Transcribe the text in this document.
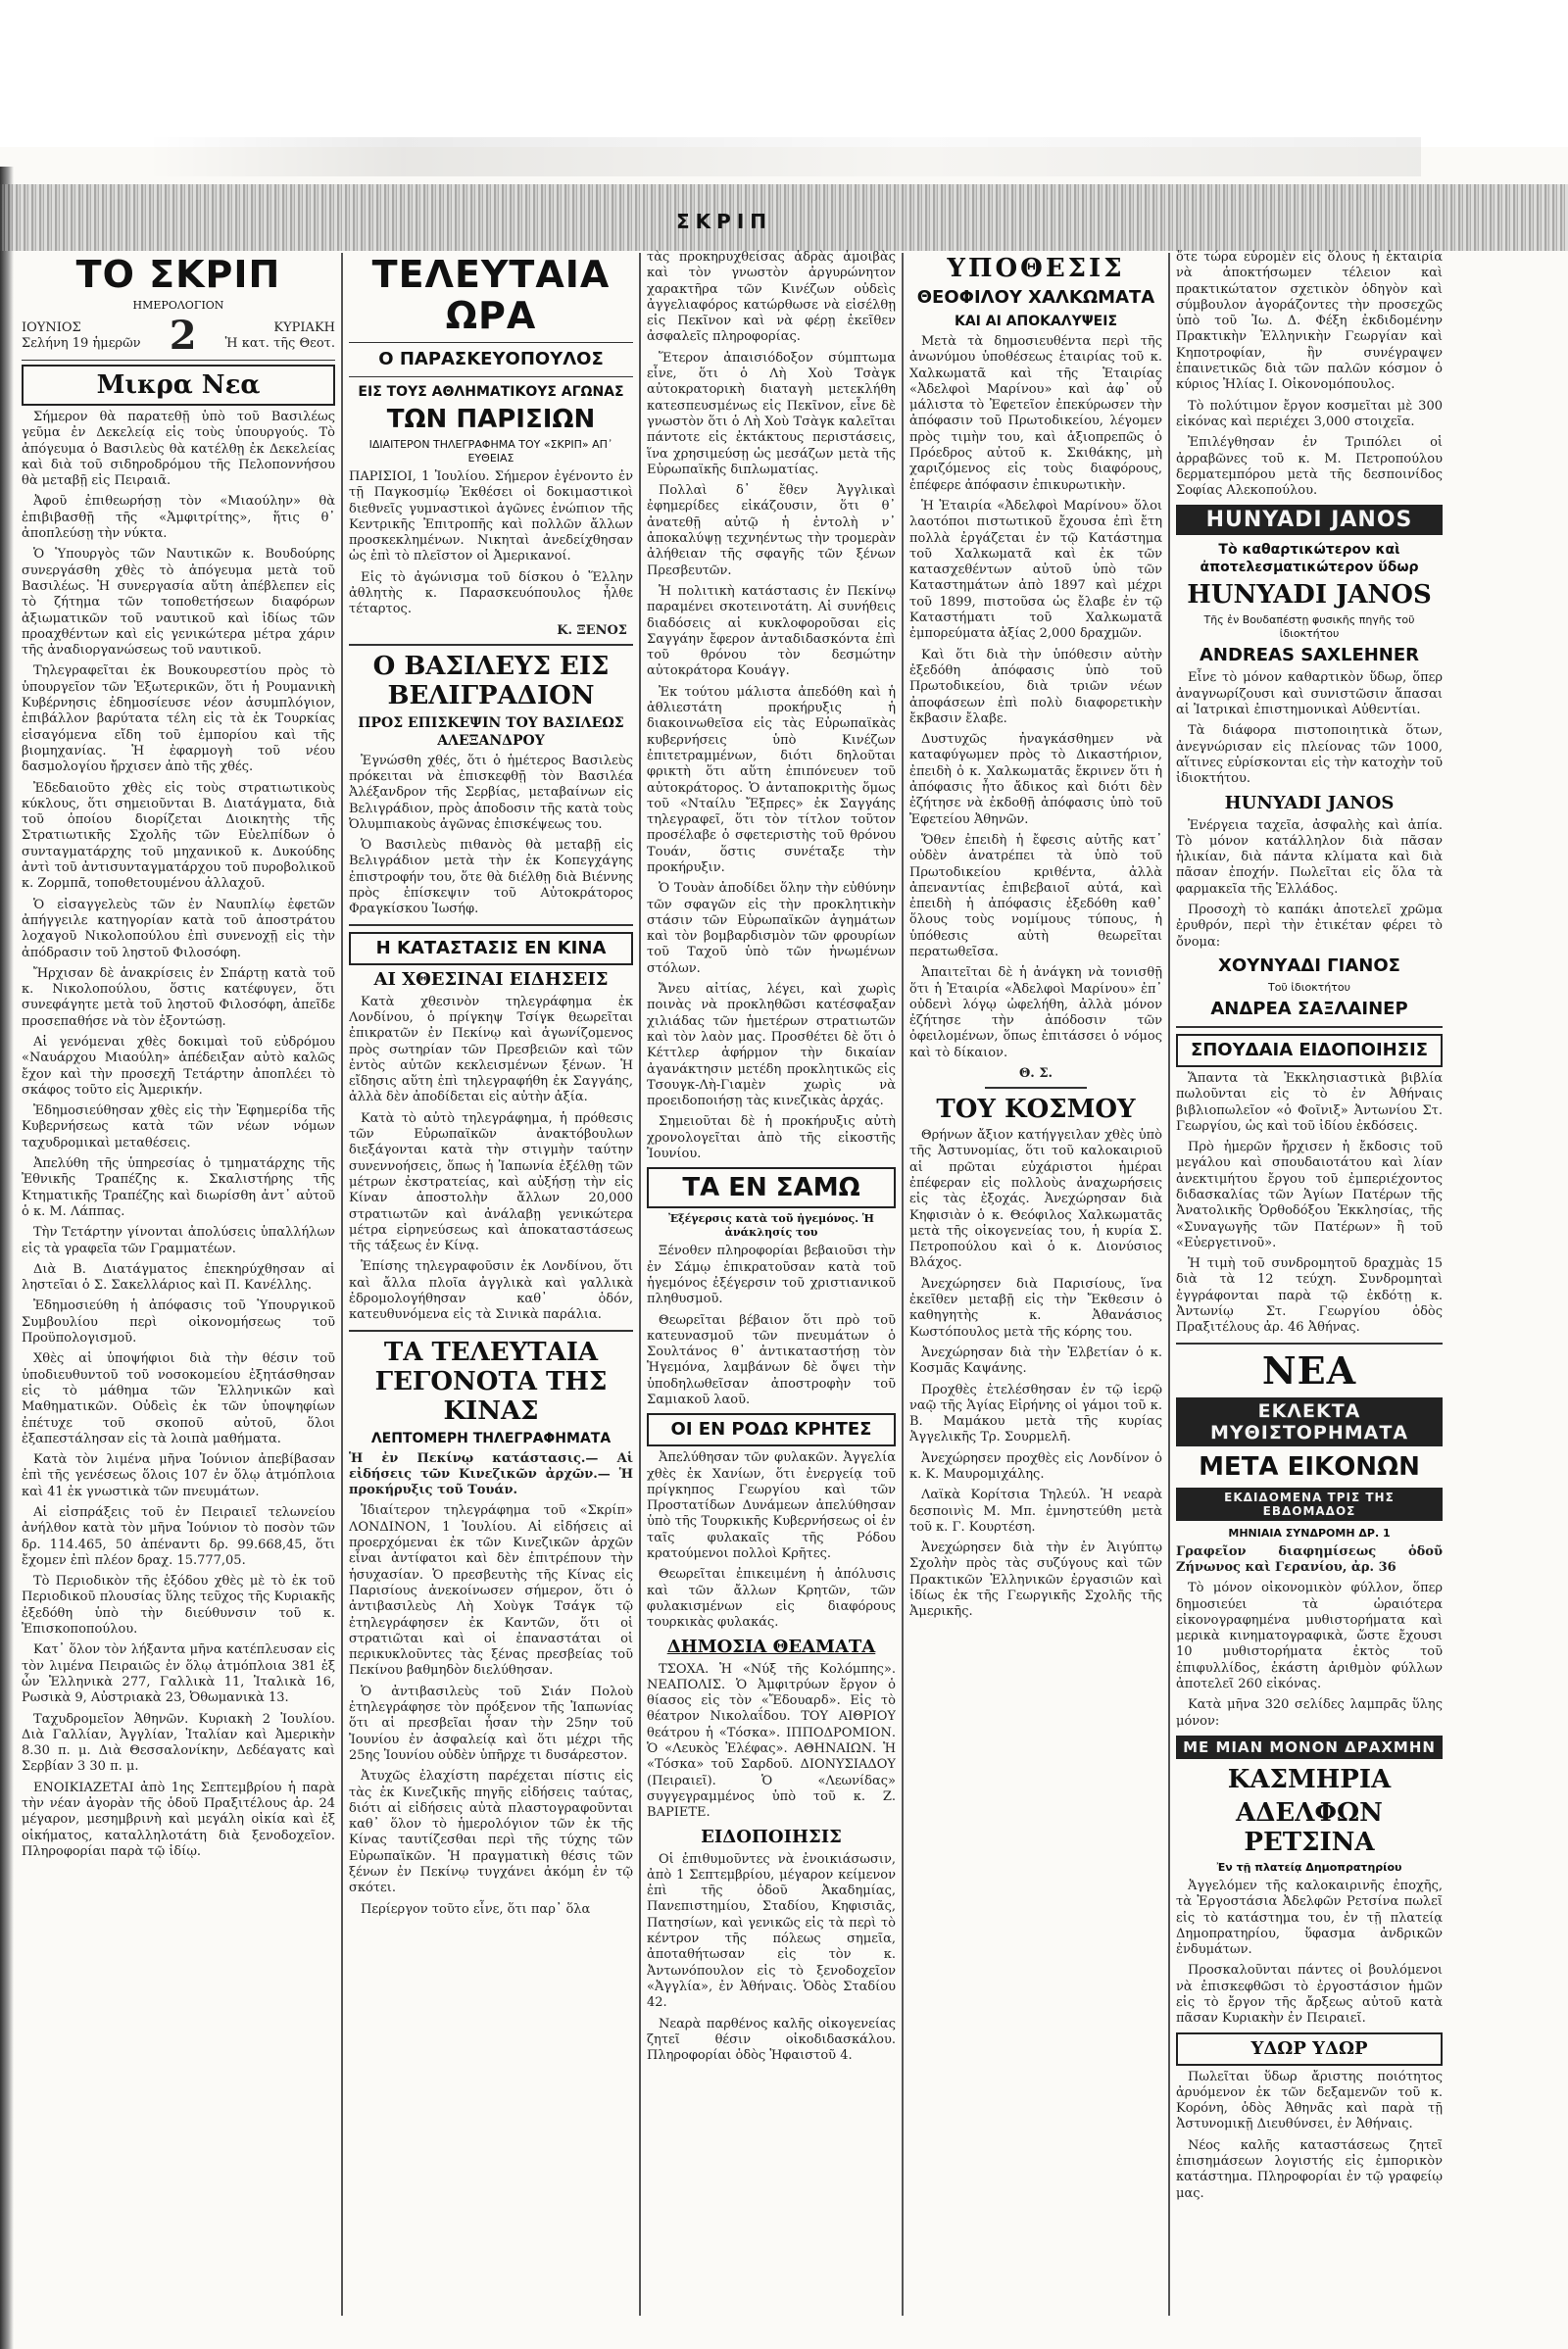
ΣΚΡΙΠ
ΤΟ ΣΚΡΙΠ
ΗΜΕΡΟΛΟΓΙΟΝ
ΙΟΥΝΙΟΣ
Σελήνη 19 ἡμερῶν 2	ΚΥΡΙΑΚΗ
Ἡ κατ. τῆς Θεοτ.
Μικρα Νεα

Σήμερον θὰ παρατεθῇ ὑπὸ τοῦ Βασιλέως γεῦμα ἐν Δεκελείᾳ εἰς τοὺς ὑπουργούς. Τὸ ἀπόγευμα ὁ Βασιλεὺς θὰ κατέλθῃ ἐκ Δεκελείας καὶ διὰ τοῦ σιδηροδρόμου τῆς Πελοποννήσου θὰ μεταβῇ εἰς Πειραιᾶ.

Ἀφοῦ ἐπιθεωρήσῃ τὸν «Μιαούλην» θὰ ἐπιβιβασθῇ τῆς «Ἀμφιτρίτης», ἥτις θ᾽ ἀποπλεύσῃ τὴν νύκτα.

Ὁ Ὑπουργὸς τῶν Ναυτικῶν κ. Βουδούρης συνεργάσθη χθὲς τὸ ἀπόγευμα μετὰ τοῦ Βασιλέως. Ἡ συνεργασία αὕτη ἀπέβλεπεν εἰς τὸ ζήτημα τῶν τοποθετήσεων διαφόρων ἀξιωματικῶν τοῦ ναυτικοῦ καὶ ἰδίως τῶν προαχθέντων καὶ εἰς γενικώτερα μέτρα χάριν τῆς ἀναδιοργανώσεως τοῦ ναυτικοῦ.

Τηλεγραφεῖται ἐκ Βουκουρεστίου πρὸς τὸ ὑπουργεῖον τῶν Ἐξωτερικῶν, ὅτι ἡ Ρουμανικὴ Κυβέρνησις ἐδημοσίευσε νέον ἀσυμπλόγιον, ἐπιβάλλον βαρύτατα τέλη εἰς τὰ ἐκ Τουρκίας εἰσαγόμενα εἴδη τοῦ ἐμπορίου καὶ τῆς βιομηχανίας. Ἡ ἐφαρμογὴ τοῦ νέου δασμολογίου ἤρχισεν ἀπὸ τῆς χθές.

Ἐδεδαιοῦτο χθὲς εἰς τοὺς στρατιωτικοὺς κύκλους, ὅτι σημειοῦνται Β. Διατάγματα, διὰ τοῦ ὁποίου διορίζεται Διοικητὴς τῆς Στρατιωτικῆς Σχολῆς τῶν Εὐελπίδων ὁ συνταγματάρχης τοῦ μηχανικοῦ κ. Δυκούδης ἀντὶ τοῦ ἀντισυνταγματάρχου τοῦ πυροβολικοῦ κ. Ζορμπᾶ, τοποθετουμένου ἀλλαχοῦ.

Ὁ εἰσαγγελεὺς τῶν ἐν Ναυπλίῳ ἐφετῶν ἀπήγγειλε κατηγορίαν κατὰ τοῦ ἀποστράτου λοχαγοῦ Νικολοπούλου ἐπὶ συνενοχῇ εἰς τὴν ἀπόδρασιν τοῦ ληστοῦ Φιλοσόφη.

Ἤρχισαν δὲ ἀνακρίσεις ἐν Σπάρτῃ κατὰ τοῦ κ. Νικολοπούλου, ὅστις κατέφυγεν, ὅτι συνεφάγητε μετὰ τοῦ ληστοῦ Φιλοσόφη, ἀπεῖδε προσεπαθήσε νὰ τὸν ἐξοντώσῃ.

Αἱ γενόμεναι χθὲς δοκιμαὶ τοῦ εὐδρόμου «Ναυάρχου Μιαούλη» ἀπέδειξαν αὐτὸ καλῶς ἔχον καὶ τὴν προσεχῆ Τετάρτην ἀποπλέει τὸ σκάφος τοῦτο εἰς Ἀμερικήν.

Ἐδημοσιεύθησαν χθὲς εἰς τὴν Ἐφημερίδα τῆς Κυβερνήσεως κατὰ τῶν νέων νόμων ταχυδρομικαὶ μεταθέσεις.

Ἀπελύθη τῆς ὑπηρεσίας ὁ τμηματάρχης τῆς Ἐθνικῆς Τραπέζης κ. Σκαλιστήρης τῆς Κτηματικῆς Τραπέζης καὶ διωρίσθη ἀντ᾽ αὐτοῦ ὁ κ. Μ. Λάππας.

Τὴν Τετάρτην γίνονται ἀπολύσεις ὑπαλλήλων εἰς τὰ γραφεῖα τῶν Γραμματέων.

Διὰ Β. Διατάγματος ἐπεκηρύχθησαν αἱ ληστεῖαι ὁ Σ. Σακελλάριος καὶ Π. Κανέλλης.

Ἐδημοσιεύθη ἡ ἀπόφασις τοῦ Ὑπουργικοῦ Συμβουλίου περὶ οἰκονομήσεως τοῦ Προϋπολογισμοῦ.

Χθὲς αἱ ὑποψήφιοι διὰ τὴν θέσιν τοῦ ὑποδιευθυντοῦ τοῦ νοσοκομείου ἐξητάσθησαν εἰς τὸ μάθημα τῶν Ἑλληνικῶν καὶ Μαθηματικῶν. Οὐδεὶς ἐκ τῶν ὑποψηφίων ἐπέτυχε τοῦ σκοποῦ αὐτοῦ, ὅλοι ἐξαπεστάλησαν εἰς τὰ λοιπὰ μαθήματα.

Κατὰ τὸν λιμένα μῆνα Ἰούνιον ἀπεβίβασαν ἐπὶ τῆς γενέσεως ὅλοις 107 ἐν ὅλῳ ἀτμόπλοια καὶ 41 ἐκ γνωστικὰ τῶν πνευμάτων.

Αἱ εἰσπράξεις τοῦ ἐν Πειραιεῖ τελωνείου ἀνήλθον κατὰ τὸν μῆνα Ἰούνιον τὸ ποσὸν τῶν δρ. 114.465, 50 ἀπέναντι δρ. 99.668,45, ὅτι ἔχομεν ἐπὶ πλέον δραχ. 15.777,05.

Τὸ Περιοδικὸν τῆς ἑξόδου χθὲς μὲ τὸ ἐκ τοῦ Περιοδικοῦ πλουσίας ὕλης τεῦχος τῆς Κυριακῆς ἐξεδόθη ὑπὸ τὴν διεύθυνσιν τοῦ κ. Ἐπισκοποπούλου.

Κατ᾽ ὅλον τὸν λήξαντα μῆνα κατέπλευσαν εἰς τὸν λιμένα Πειραιῶς ἐν ὅλῳ ἀτμόπλοια 381 ἐξ ὧν Ἑλληνικὰ 277, Γαλλικὰ 11, Ἰταλικὰ 16, Ρωσικὰ 9, Αὐστριακὰ 23, Ὀθωμανικὰ 13.

Ταχυδρομεῖον Ἀθηνῶν. Κυριακὴ 2 Ἰουλίου. Διὰ Γαλλίαν, Ἀγγλίαν, Ἰταλίαν καὶ Ἀμερικὴν 8.30 π. μ. Διὰ Θεσσαλονίκην, Δεδέαγατς καὶ Σερβίαν 3 30 π. μ.

ΕΝΟΙΚΙΑΖΕΤΑΙ ἀπὸ 1ης Σεπτεμβρίου ἡ παρὰ τὴν νέαν ἀγορὰν τῆς ὁδοῦ Πραξιτέλους ἀρ. 24 μέγαρον, μεσημβρινὴ καὶ μεγάλη οἰκία καὶ ἐξ οἰκήματος, καταλληλοτάτη διὰ ξενοδοχεῖον. Πληροφορίαι παρὰ τῷ ἰδίῳ.

ΤΕΛΕΥΤΑΙΑ ΩΡΑ
Ο ΠΑΡΑΣΚΕΥΟΠΟΥΛΟΣ
ΕΙΣ ΤΟΥΣ ΑΘΛΗΜΑΤΙΚΟΥΣ ΑΓΩΝΑΣ
ΤΩΝ ΠΑΡΙΣΙΩΝ
ΙΔΙΑΙΤΕΡΟΝ ΤΗΛΕΓΡΑΦΗΜΑ ΤΟΥ «ΣΚΡΙΠ» ΑΠ᾽ ΕΥΘΕΙΑΣ

ΠΑΡΙΣΙΟΙ, 1 Ἰουλίου. Σήμερον ἐγένοντο ἐν τῇ Παγκοσμίῳ Ἐκθέσει οἱ δοκιμαστικοὶ διεθνεῖς γυμναστικοὶ ἀγῶνες ἐνώπιον τῆς Κεντρικῆς Ἐπιτροπῆς καὶ πολλῶν ἄλλων προσκεκλημένων. Νικηταὶ ἀνεδείχθησαν ὡς ἐπὶ τὸ πλεῖστον οἱ Ἀμερικανοί.

Εἰς τὸ ἀγώνισμα τοῦ δίσκου ὁ Ἕλλην ἀθλητὴς κ. Παρασκευόπουλος ἦλθε τέταρτος.

Κ. ΞΕΝΟΣ
Ο ΒΑΣΙΛΕΥΣ ΕΙΣ ΒΕΛΙΓΡΑΔΙΟΝ
ΠΡΟΣ ΕΠΙΣΚΕΨΙΝ ΤΟΥ ΒΑΣΙΛΕΩΣ ΑΛΕΞΑΝΔΡΟΥ

Ἐγνώσθη χθές, ὅτι ὁ ἡμέτερος Βασιλεὺς πρόκειται νὰ ἐπισκεφθῇ τὸν Βασιλέα Ἀλέξανδρον τῆς Σερβίας, μεταβαίνων εἰς Βελιγράδιον, πρὸς ἀποδοσιν τῆς κατὰ τοὺς Ὀλυμπιακοὺς ἀγῶνας ἐπισκέψεως του.

Ὁ Βασιλεὺς πιθανὸς θὰ μεταβῇ εἰς Βελιγράδιον μετὰ τὴν ἐκ Κοπεγχάγης ἐπιστροφήν του, ὅτε θὰ διέλθῃ διὰ Βιέννης πρὸς ἐπίσκεψιν τοῦ Αὐτοκράτορος Φραγκίσκου Ἰωσήφ.

Η ΚΑΤΑΣΤΑΣΙΣ ΕΝ ΚΙΝΑ
ΑΙ ΧΘΕΣΙΝΑΙ ΕΙΔΗΣΕΙΣ

Κατὰ χθεσινὸν τηλεγράφημα ἐκ Λονδίνου, ὁ πρίγκηψ Τσίγκ θεωρεῖται ἐπικρατῶν ἐν Πεκίνῳ καὶ ἀγωνίζομενος πρὸς σωτηρίαν τῶν Πρεσβειῶν καὶ τῶν ἐντὸς αὐτῶν κεκλεισμένων ξένων. Ἡ εἴδησις αὕτη ἐπὶ τηλεγραφήθη ἐκ Σαγγάης, ἀλλὰ δὲν ἀποδίδεται εἰς αὐτὴν ἀξία.

Κατὰ τὸ αὐτὸ τηλεγράφημα, ἡ πρόθεσις τῶν Εὐρωπαϊκῶν ἀνακτόβουλων διεξάγονται κατὰ τὴν στιγμὴν ταύτην συνεννοήσεις, ὅπως ἡ Ἰαπωνία ἐξέλθῃ τῶν μέτρων ἐκστρατείας, καὶ αὐξήσῃ τὴν εἰς Κίναν ἀποστολὴν ἄλλων 20,000 στρατιωτῶν καὶ ἀνάλαβῃ γενικώτερα μέτρα εἰρηνεύσεως καὶ ἀποκαταστάσεως τῆς τάξεως ἐν Κίνᾳ.

Ἐπίσης τηλεγραφοῦσιν ἐκ Λονδίνου, ὅτι καὶ ἄλλα πλοῖα ἀγγλικὰ καὶ γαλλικὰ ἐδρομολογήθησαν καθ᾽ ὁδόν, κατευθυνόμενα εἰς τὰ Σινικὰ παράλια.

ΤΑ ΤΕΛΕΥΤΑΙΑ ΓΕΓΟΝΟΤΑ ΤΗΣ ΚΙΝΑΣ
ΛΕΠΤΟΜΕΡΗ ΤΗΛΕΓΡΑΦΗΜΑΤΑ

Ἡ ἐν Πεκίνῳ κατάστασις.— Αἱ εἰδήσεις τῶν Κινεζικῶν ἀρχῶν.— Ἡ προκήρυξις τοῦ Τουάν.

Ἰδιαίτερον τηλεγράφημα τοῦ «Σκρίπ» ΛΟΝΔΙΝΟΝ, 1 Ἰουλίου. Αἱ εἰδήσεις αἱ προερχόμεναι ἐκ τῶν Κινεζικῶν ἀρχῶν εἶναι ἀντίφατοι καὶ δὲν ἐπιτρέπουν τὴν ἡσυχασίαν. Ὁ πρεσβευτὴς τῆς Κίνας εἰς Παρισίους ἀνεκοίνωσεν σήμερον, ὅτι ὁ ἀντιβασιλεὺς Λὴ Χοὺγκ Τσάγκ τῷ ἐτηλεγράφησεν ἐκ Καντῶν, ὅτι οἱ στρατιῶται καὶ οἱ ἐπαναστάται οἱ περικυκλοῦντες τὰς ξένας πρεσβείας τοῦ Πεκίνου βαθμηδὸν διελύθησαν.

Ὁ ἀντιβασιλεὺς τοῦ Σιάν Πολοὺ ἐτηλεγράφησε τὸν πρόξενον τῆς Ἰαπωνίας ὅτι αἱ πρεσβεῖαι ἦσαν τὴν 25ην τοῦ Ἰουνίου ἐν ἀσφαλείᾳ καὶ ὅτι μέχρι τῆς 25ης Ἰουνίου οὐδὲν ὑπῆρχε τι δυσάρεστον.

Ἀτυχῶς ἐλαχίστη παρέχεται πίστις εἰς τὰς ἐκ Κινεζικῆς πηγῆς εἰδήσεις ταύτας, διότι αἱ εἰδήσεις αὐτὰ πλαστογραφοῦνται καθ᾽ ὅλον τὸ ἡμερολόγιον τῶν ἐκ τῆς Κίνας ταυτίζεσθαι περὶ τῆς τύχης τῶν Εὐρωπαϊκῶν. Ἡ πραγματικὴ θέσις τῶν ξένων ἐν Πεκίνῳ τυγχάνει ἀκόμη ἐν τῷ σκότει.

Περίεργον τοῦτο εἶνε, ὅτι παρ᾽ ὅλα

τὰς προκηρυχθείσας ἀδρὰς ἀμοιβὰς καὶ τὸν γνωστὸν ἀργυρώνητον χαρακτῆρα τῶν Κινέζων οὐδεὶς ἀγγελιαφόρος κατώρθωσε νὰ εἰσέλθῃ εἰς Πεκῖνον καὶ νὰ φέρῃ ἐκεῖθεν ἀσφαλεῖς πληροφορίας.

Ἕτερον ἀπαισιόδοξον σύμπτωμα εἶνε, ὅτι ὁ Λὴ Χοὺ Τσὰγκ αὐτοκρατορικὴ διαταγὴ μετεκλήθη κατεσπευσμένως εἰς Πεκῖνον, εἶνε δὲ γνωστὸν ὅτι ὁ Λὴ Χοὺ Τσὰγκ καλεῖται πάντοτε εἰς ἐκτάκτους περιστάσεις, ἵνα χρησιμεύσῃ ὡς μεσάζων μετὰ τῆς Εὐρωπαϊκῆς διπλωματίας.

Πολλαὶ δ᾽ ἔθεν Ἀγγλικαὶ ἐφημερίδες εἰκάζουσιν, ὅτι θ᾽ ἀνατεθῇ αὐτῷ ἡ ἐντολὴ ν᾽ ἀποκαλύψῃ τεχνηέντως τὴν τρομερὰν ἀλήθειαν τῆς σφαγῆς τῶν ξένων Πρεσβευτῶν.

Ἡ πολιτικὴ κατάστασις ἐν Πεκίνῳ παραμένει σκοτεινοτάτη. Αἱ συνήθεις διαδόσεις αἱ κυκλοφοροῦσαι εἰς Σαγγάην ἔφερον ἀνταδιδασκόντα ἐπὶ τοῦ θρόνου τὸν δεσμώτην αὐτοκράτορα Κουάγγ.

Ἐκ τούτου μάλιστα ἀπεδόθη καὶ ἡ ἀθλιεστάτη προκήρυξις ἡ διακοινωθεῖσα εἰς τὰς Εὐρωπαϊκὰς κυβερνήσεις ὑπὸ Κινέζων ἐπιτετραμμένων, διότι δηλοῦται φρικτὴ ὅτι αὕτη ἐπιπόνευεν τοῦ αὐτοκράτορος. Ὁ ἀνταποκριτὴς ὅμως τοῦ «Νταίλυ Ἔξπρες» ἐκ Σαγγάης τηλεγραφεῖ, ὅτι τὸν τίτλον τοῦτον προσέλαβε ὁ σφετεριστὴς τοῦ θρόνου Τουάν, ὅστις συνέταξε τὴν προκήρυξιν.

Ὁ Τουὰν ἀποδίδει ὅλην τὴν εὐθύνην τῶν σφαγῶν εἰς τὴν προκλητικὴν στάσιν τῶν Εὐρωπαϊκῶν ἀγημάτων καὶ τὸν βομβαρδισμὸν τῶν φρουρίων τοῦ Ταχοῦ ὑπὸ τῶν ἡνωμένων στόλων.

Ἄνευ αἰτίας, λέγει, καὶ χωρὶς ποινὰς νὰ προκληθῶσι κατέσφαξαν χιλιάδας τῶν ἡμετέρων στρατιωτῶν καὶ τὸν λαὸν μας. Προσθέτει δὲ ὅτι ὁ Κέττλερ ἀφήρμον τὴν δικαίαν ἀγανάκτησιν μετέδη προκλητικῶς εἰς Τσουγκ-Λὴ-Γιαμὲν χωρὶς νὰ προειδοποιήσῃ τὰς κινεζικὰς ἀρχάς.

Σημειοῦται δὲ ἡ προκήρυξις αὐτὴ χρονολογεῖται ἀπὸ τῆς εἰκοστῆς Ἰουνίου.

ΤΑ ΕΝ ΣΑΜΩ
Ἐξέγερσις κατὰ τοῦ ἡγεμόνος. Ἡ ἀνάκλησίς του

Ξένοθεν πληροφορίαι βεβαιοῦσι τὴν ἐν Σάμῳ ἐπικρατοῦσαν κατὰ τοῦ ἡγεμόνος ἐξέγερσιν τοῦ χριστιανικοῦ πληθυσμοῦ.

Θεωρεῖται βέβαιον ὅτι πρὸ τοῦ κατευνασμοῦ τῶν πνευμάτων ὁ Σουλτάνος θ᾽ ἀντικαταστήσῃ τὸν Ἡγεμόνα, λαμβάνων δὲ ὄψει τὴν ὑποδηλωθεῖσαν ἀποστροφὴν τοῦ Σαμιακοῦ λαοῦ.

ΟΙ ΕΝ ΡΟΔΩ ΚΡΗΤΕΣ

Ἀπελύθησαν τῶν φυλακῶν. Ἀγγελία χθὲς ἐκ Χανίων, ὅτι ἐνεργείᾳ τοῦ πρίγκηπος Γεωργίου καὶ τῶν Προστατίδων Δυνάμεων ἀπελύθησαν ὑπὸ τῆς Τουρκικῆς Κυβερνήσεως οἱ ἐν ταῖς φυλακαῖς τῆς Ρόδου κρατούμενοι πολλοὶ Κρῆτες.

Θεωρεῖται ἐπικειμένη ἡ ἀπόλυσις καὶ τῶν ἄλλων Κρητῶν, τῶν φυλακισμένων εἰς διαφόρους τουρκικὰς φυλακάς.

ΔΗΜΟΣΙΑ ΘΕΑΜΑΤΑ

ΤΣΟΧΑ. Ἡ «Νύξ τῆς Κολόμπης». ΝΕΑΠΟΛΙΣ. Ὁ Ἀμφιτρύων ἔργον ὁ θίασος εἰς τὸν «Ἔδουαρδ». Εἰς τὸ θέατρον Νικολαΐδου. ΤΟΥ ΑΙΘΡΙΟΥ θεάτρου ἡ «Τόσκα». ΙΠΠΟΔΡΟΜΙΟΝ. Ὁ «Λευκὸς Ἐλέφας». ΑΘΗΝΑΙΩΝ. Ἡ «Τόσκα» τοῦ Σαρδοῦ. ΔΙΟΝΥΣΙΑΔΟΥ (Πειραιεῖ). Ὁ «Λεωνίδας» συγγεγραμμένος ὑπὸ τοῦ κ. Ζ. ΒΑΡΙΕΤΕ.

ΕΙΔΟΠΟΙΗΣΙΣ

Οἱ ἐπιθυμοῦντες νὰ ἐνοικιάσωσιν, ἀπὸ 1 Σεπτεμβρίου, μέγαρον κείμενον ἐπὶ τῆς ὁδοῦ Ἀκαδημίας, Πανεπιστημίου, Σταδίου, Κηφισιᾶς, Πατησίων, καὶ γενικῶς εἰς τὰ περὶ τὸ κέντρον τῆς πόλεως σημεῖα, ἀποταθήτωσαν εἰς τὸν κ. Ἀντωνόπουλον εἰς τὸ ξενοδοχεῖον «Ἀγγλία», ἐν Ἀθήναις. Ὁδὸς Σταδίου 42.

Νεαρὰ παρθένος καλῆς οἰκογενείας ζητεῖ θέσιν οἰκοδιδασκάλου. Πληροφορίαι ὁδὸς Ἡφαιστοῦ 4.

ΥΠΟΘΕΣΙΣ
ΘΕΟΦΙΛΟΥ ΧΑΛΚΩΜΑΤΑ
ΚΑΙ ΑΙ ΑΠΟΚΑΛΥΨΕΙΣ

Μετὰ τὰ δημοσιευθέντα περὶ τῆς ἀνωνύμου ὑποθέσεως ἑταιρίας τοῦ κ. Χαλκωματᾶ καὶ τῆς Ἑταιρίας «Ἀδελφοὶ Μαρίνου» καὶ ἀφ᾽ οὗ μάλιστα τὸ Ἐφετεῖον ἐπεκύρωσεν τὴν ἀπόφασιν τοῦ Πρωτοδικείου, λέγομεν πρὸς τιμὴν του, καὶ ἀξιοπρεπῶς ὁ Πρόεδρος αὐτοῦ κ. Σκιθάκης, μὴ χαριζόμενος εἰς τοὺς διαφόρους, ἐπέφερε ἀπόφασιν ἐπικυρωτικὴν.

Ἡ Ἑταιρία «Ἀδελφοὶ Μαρίνου» ὅλοι λαοτόποι πιστωτικοῦ ἔχουσα ἐπὶ ἔτη πολλὰ ἐργάζεται ἐν τῷ Κατάστημα τοῦ Χαλκωματᾶ καὶ ἐκ τῶν κατασχεθέντων αὐτοῦ ὑπὸ τῶν Καταστημάτων ἀπὸ 1897 καὶ μέχρι τοῦ 1899, πιστοῦσα ὡς ἔλαβε ἐν τῷ Καταστήματι τοῦ Χαλκωματᾶ ἐμπορεύματα ἀξίας 2,000 δραχμῶν.

Καὶ ὅτι διὰ τὴν ὑπόθεσιν αὐτὴν ἐξεδόθη ἀπόφασις ὑπὸ τοῦ Πρωτοδικείου, διὰ τριῶν νέων ἀποφάσεων ἐπὶ πολὺ διαφορετικὴν ἔκβασιν ἔλαβε.

Δυστυχῶς ἠναγκάσθημεν νὰ καταφύγωμεν πρὸς τὸ Δικαστήριον, ἐπειδὴ ὁ κ. Χαλκωματᾶς ἔκρινεν ὅτι ἡ ἀπόφασις ἦτο ἄδικος καὶ διότι δὲν ἐζήτησε νὰ ἐκδοθῇ ἀπόφασις ὑπὸ τοῦ Ἐφετείου Ἀθηνῶν.

Ὅθεν ἐπειδὴ ἡ ἔφεσις αὐτῆς κατ᾽ οὐδὲν ἀνατρέπει τὰ ὑπὸ τοῦ Πρωτοδικείου κριθέντα, ἀλλὰ ἀπεναντίας ἐπιβεβαιοῖ αὐτά, καὶ ἐπειδὴ ἡ ἀπόφασις ἐξεδόθη καθ᾽ ὅλους τοὺς νομίμους τύπους, ἡ ὑπόθεσις αὐτὴ θεωρεῖται περατωθεῖσα.

Ἀπαιτεῖται δὲ ἡ ἀνάγκη νὰ τονισθῇ ὅτι ἡ Ἑταιρία «Ἀδελφοὶ Μαρίνου» ἐπ᾽ οὐδενὶ λόγῳ ὠφελήθη, ἀλλὰ μόνον ἐζήτησε τὴν ἀπόδοσιν τῶν ὀφειλομένων, ὅπως ἐπιτάσσει ὁ νόμος καὶ τὸ δίκαιον.

Θ. Σ.
ΤΟΥ ΚΟΣΜΟΥ

Θρήνων ἄξιον κατήγγειλαν χθὲς ὑπὸ τῆς Ἀστυνομίας, ὅτι τοῦ καλοκαιριοῦ αἱ πρῶται εὐχάριστοι ἡμέραι ἐπέφεραν εἰς πολλοὺς ἀναχωρήσεις εἰς τὰς ἐξοχάς. Ἀνεχώρησαν διὰ Κηφισιὰν ὁ κ. Θεόφιλος Χαλκωματᾶς μετὰ τῆς οἰκογενείας του, ἡ κυρία Σ. Πετροπούλου καὶ ὁ κ. Διονύσιος Βλάχος.

Ἀνεχώρησεν διὰ Παρισίους, ἵνα ἐκεῖθεν μεταβῇ εἰς τὴν Ἔκθεσιν ὁ καθηγητὴς κ. Ἀθανάσιος Κωστόπουλος μετὰ τῆς κόρης του.

Ἀνεχώρησαν διὰ τὴν Ἑλβετίαν ὁ κ. Κοσμᾶς Καψάνης.

Προχθὲς ἐτελέσθησαν ἐν τῷ ἱερῷ ναῷ τῆς Ἁγίας Εἰρήνης οἱ γάμοι τοῦ κ. Β. Μαμάκου μετὰ τῆς κυρίας Ἀγγελικῆς Τρ. Σουρμελῆ.

Ἀνεχώρησεν προχθὲς εἰς Λονδίνον ὁ κ. Κ. Μαυρομιχάλης.

Λαϊκὰ Κορίτσια Τηλεύλ. Ἡ νεαρὰ δεσποινὶς Μ. Μπ. ἐμνηστεύθη μετὰ τοῦ κ. Γ. Κουρτέση.

Ἀνεχώρησεν διὰ τὴν ἐν Ἀιγύπτῳ Σχολὴν πρὸς τὰς συζύγους καὶ τῶν Πρακτικῶν Ἑλληνικῶν ἐργασιῶν καὶ ἰδίως ἐκ τῆς Γεωργικῆς Σχολῆς τῆς Ἀμερικῆς.

ὅτε τώρα εὑρομὲν εἰς ὅλους ἡ ἐκταιρία νὰ ἀποκτήσωμεν τέλειον καὶ πρακτικώτατον σχετικὸν ὁδηγὸν καὶ σύμβουλον ἀγοράζοντες τὴν προσεχῶς ὑπὸ τοῦ Ἰω. Δ. Φέξη ἐκδιδομένην Πρακτικὴν Ἑλληνικὴν Γεωργίαν καὶ Κηποτροφίαν, ἣν συνέγραψεν ἐπαινετικῶς διὰ τῶν παλῶν κόσμον ὁ κύριος Ἠλίας Ι. Οἰκονομόπουλος.

Τὸ πολύτιμον ἔργον κοσμεῖται μὲ 300 εἰκόνας καὶ περιέχει 3,000 στοιχεῖα.

Ἐπιλέγθησαν ἐν Τριπόλει οἱ ἀρραβῶνες τοῦ κ. Μ. Πετροπούλου δερματεμπόρου μετὰ τῆς δεσποινίδος Σοφίας Αλεκοπούλου.

HUNYADI JANOS
Τὸ καθαρτικώτερον καὶ ἀποτελεσματικώτερον ὕδωρ
HUNYADI JANOS
Τῆς ἐν Βουδαπέστῃ φυσικῆς πηγῆς τοῦ ἰδιοκτήτου
ANDREAS SAXLEHNER

Εἶνε τὸ μόνον καθαρτικὸν ὕδωρ, ὅπερ ἀναγνωρίζουσι καὶ συνιστῶσιν ἅπασαι αἱ Ἰατρικαὶ ἐπιστημονικαὶ Αὐθεντίαι.

Τὰ διάφορα πιστοποιητικὰ ὅτων, ἀνεγνώρισαν εἰς πλείονας τῶν 1000, αἵτινες εὑρίσκονται εἰς τὴν κατοχὴν τοῦ ἰδιοκτήτου.

HUNYADI JANOS

Ἐνέργεια ταχεῖα, ἀσφαλὴς καὶ ἀπία. Τὸ μόνον κατάλληλον διὰ πᾶσαν ἡλικίαν, διὰ πάντα κλίματα καὶ διὰ πᾶσαν ἐποχήν. Πωλεῖται εἰς ὅλα τὰ φαρμακεῖα τῆς Ἑλλάδος.

Προσοχὴ τὸ καπάκι ἀποτελεῖ χρῶμα ἐρυθρόν, περὶ τὴν ἐτικέταν φέρει τὸ ὄνομα:

ΧΟΥΝΥΑΔΙ ΓΙΑΝΟΣ
Τοῦ ἰδιοκτήτου
ΑΝΔΡΕΑ ΣΑΞΛΑΙΝΕΡ
ΣΠΟΥΔΑΙΑ ΕΙΔΟΠΟΙΗΣΙΣ

Ἅπαντα τὰ Ἐκκλησιαστικὰ βιβλία πωλοῦνται εἰς τὸ ἐν Ἀθήναις βιβλιοπωλεῖον «ὁ Φοῖνιξ» Ἀντωνίου Στ. Γεωργίου, ὡς καὶ τοῦ ἰδίου ἐκδόσεις.

Πρὸ ἡμερῶν ἤρχισεν ἡ ἔκδοσις τοῦ μεγάλου καὶ σπουδαιοτάτου καὶ λίαν ἀνεκτιμήτου ἔργου τοῦ ἐμπεριέχοντος διδασκαλίας τῶν Ἁγίων Πατέρων τῆς Ἀνατολικῆς Ὀρθοδόξου Ἐκκλησίας, τῆς «Συναγωγῆς τῶν Πατέρων» ἢ τοῦ «Εὐεργετινοῦ».

Ἡ τιμὴ τοῦ συνδρομητοῦ δραχμὰς 15 διὰ τὰ 12 τεύχη. Συνδρομηταὶ ἐγγράφονται παρὰ τῷ ἐκδότῃ κ. Ἀντωνίῳ Στ. Γεωργίου ὁδὸς Πραξιτέλους ἀρ. 46 Ἀθήνας.

ΝΕΑ
ΕΚΛΕΚΤΑ ΜΥΘΙΣΤΟΡΗΜΑΤΑ
ΜΕΤΑ ΕΙΚΟΝΩΝ
ΕΚΔΙΔΟΜΕΝΑ ΤΡΙΣ ΤΗΣ ΕΒΔΟΜΑΔΟΣ
ΜΗΝΙΑΙΑ ΣΥΝΔΡΟΜΗ ΔΡ. 1

Γραφεῖον διαφημίσεως ὁδοῦ Ζήνωνος καὶ Γερανίου, ἀρ. 36

Τὸ μόνον οἰκονομικὸν φύλλον, ὅπερ δημοσιεύει τὰ ὡραιότερα εἰκονογραφημένα μυθιστορήματα καὶ μερικὰ κινηματογραφικὰ, ὥστε ἔχουσι 10 μυθιστορήματα ἐκτὸς τοῦ ἐπιφυλλίδος, ἑκάστη ἀριθμὸν φύλλων ἀποτελεῖ 260 εἰκόνας.

Κατὰ μῆνα 320 σελίδες λαμπρᾶς ὕλης μόνον:

ΜΕ ΜΙΑΝ ΜΟΝΟΝ ΔΡΑΧΜΗΝ
ΚΑΣΜΗΡΙΑ
ΑΔΕΛΦΩΝ ΡΕΤΣΙΝΑ
Ἐν τῇ πλατείᾳ Δημοπρατηρίου

Ἀγγελόμεν τῆς καλοκαιρινῆς ἐποχῆς, τὰ Ἐργοστάσια Ἀδελφῶν Ρετσίνα πωλεῖ εἰς τὸ κατάστημα του, ἐν τῇ πλατείᾳ Δημοπρατηρίου, ὕφασμα ἀνδρικῶν ἐνδυμάτων.

Προσκαλοῦνται πάντες οἱ βουλόμενοι νὰ ἐπισκεφθῶσι τὸ ἐργοστάσιον ἡμῶν εἰς τὸ ἔργον τῆς ἄρξεως αὐτοῦ κατὰ πᾶσαν Κυριακὴν ἐν Πειραιεῖ.

ΥΔΩΡ ΥΔΩΡ

Πωλεῖται ὕδωρ ἄριστης ποιότητος ἀρυόμενον ἐκ τῶν δεξαμενῶν τοῦ κ. Κορόνη, ὁδὸς Ἀθηνᾶς καὶ παρὰ τῇ Ἀστυνομικῇ Διευθύνσει, ἐν Ἀθήναις.

Νέος καλῆς καταστάσεως ζητεῖ ἐπισημάσεων λογιστής εἰς ἐμπορικὸν κατάστημα. Πληροφορίαι ἐν τῷ γραφείῳ μας.
